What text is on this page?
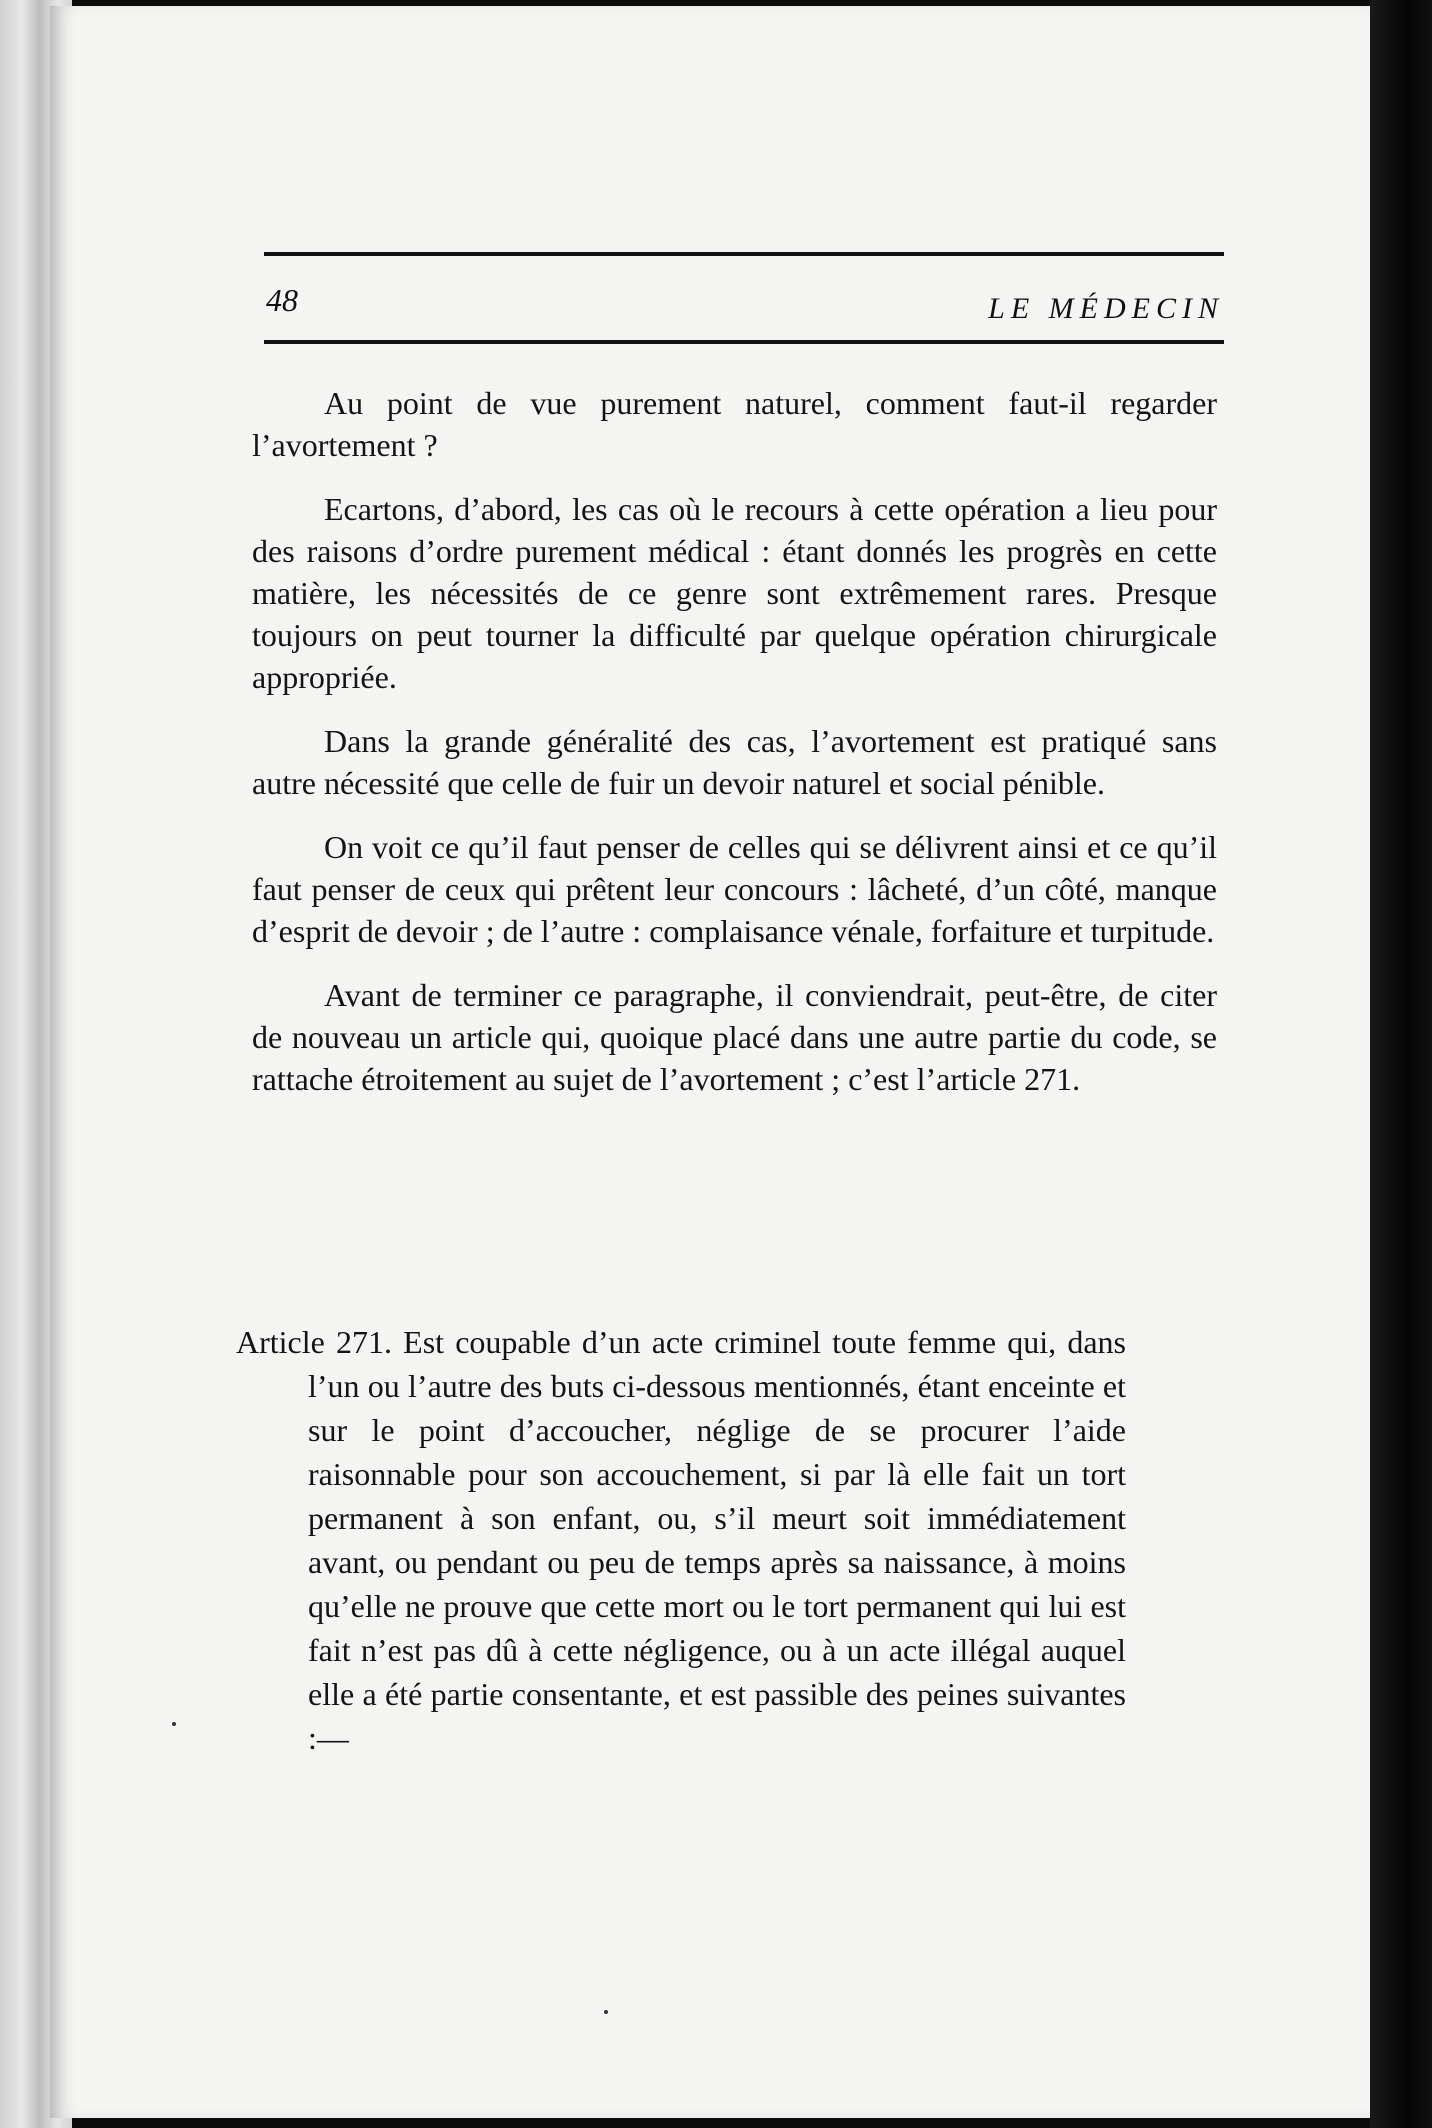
48	LE MÉDECIN

Au point de vue purement naturel, comment faut-il regarder l’avortement ?

Ecartons, d’abord, les cas où le recours à cette opération a lieu pour des raisons d’ordre purement médical : étant donnés les progrès en cette matière, les nécessités de ce genre sont extrêmement rares. Presque toujours on peut tourner la difficulté par quelque opération chirurgicale appropriée.

Dans la grande généralité des cas, l’avortement est pratiqué sans autre nécessité que celle de fuir un devoir naturel et social pénible.

On voit ce qu’il faut penser de celles qui se délivrent ainsi et ce qu’il faut penser de ceux qui prêtent leur concours : lâcheté, d’un côté, manque d’esprit de devoir ; de l’autre : complaisance vénale, forfaiture et turpitude.

Avant de terminer ce paragraphe, il conviendrait, peut-être, de citer de nouveau un article qui, quoique placé dans une autre partie du code, se rattache étroitement au sujet de l’avortement ; c’est l’article 271.

Article 271. Est coupable d’un acte criminel toute femme qui, dans l’un ou l’autre des buts ci-dessous mentionnés, étant enceinte et sur le point d’accoucher, néglige de se procurer l’aide raisonnable pour son accouchement, si par là elle fait un tort permanent à son enfant, ou, s’il meurt soit immédiatement avant, ou pendant ou peu de temps après sa naissance, à moins qu’elle ne prouve que cette mort ou le tort permanent qui lui est fait n’est pas dû à cette négligence, ou à un acte illégal auquel elle a été partie consentante, et est passible des peines suivantes :—
